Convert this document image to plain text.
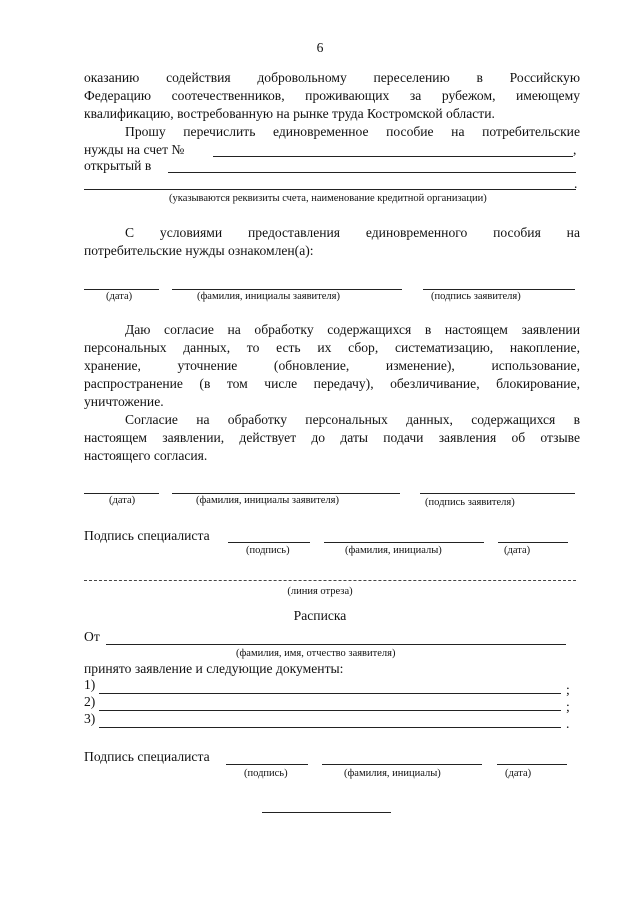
6
оказанию содействия добровольному переселению в Российскую
Федерацию соотечественников, проживающих за рубежом, имеющему
квалификацию, востребованную на рынке труда Костромской области.
Прошу перечислить единовременное пособие на потребительские
нужды на счет №	,
открытый в
.
(указываются реквизиты счета, наименование кредитной организации)
С условиями предоставления единовременного пособия на
потребительские нужды ознакомлен(а):
(дата)	(фамилия, инициалы заявителя)	(подпись заявителя)
Даю согласие на обработку содержащихся в настоящем заявлении
персональных данных, то есть их сбор, систематизацию, накопление,
хранение, уточнение (обновление, изменение), использование,
распространение (в том числе передачу), обезличивание, блокирование,
уничтожение.
Согласие на обработку персональных данных, содержащихся в
настоящем заявлении, действует до даты подачи заявления об отзыве
настоящего согласия.
(дата)	(фамилия, инициалы заявителя)	(подпись заявителя)
Подпись специалиста
(подпись)	(фамилия, инициалы)	(дата)
(линия отреза)
Расписка
От
(фамилия, имя, отчество заявителя)
принято заявление и следующие документы:
1)	;
2)	;
3)	.
Подпись специалиста
(подпись)	(фамилия, инициалы)	(дата)
